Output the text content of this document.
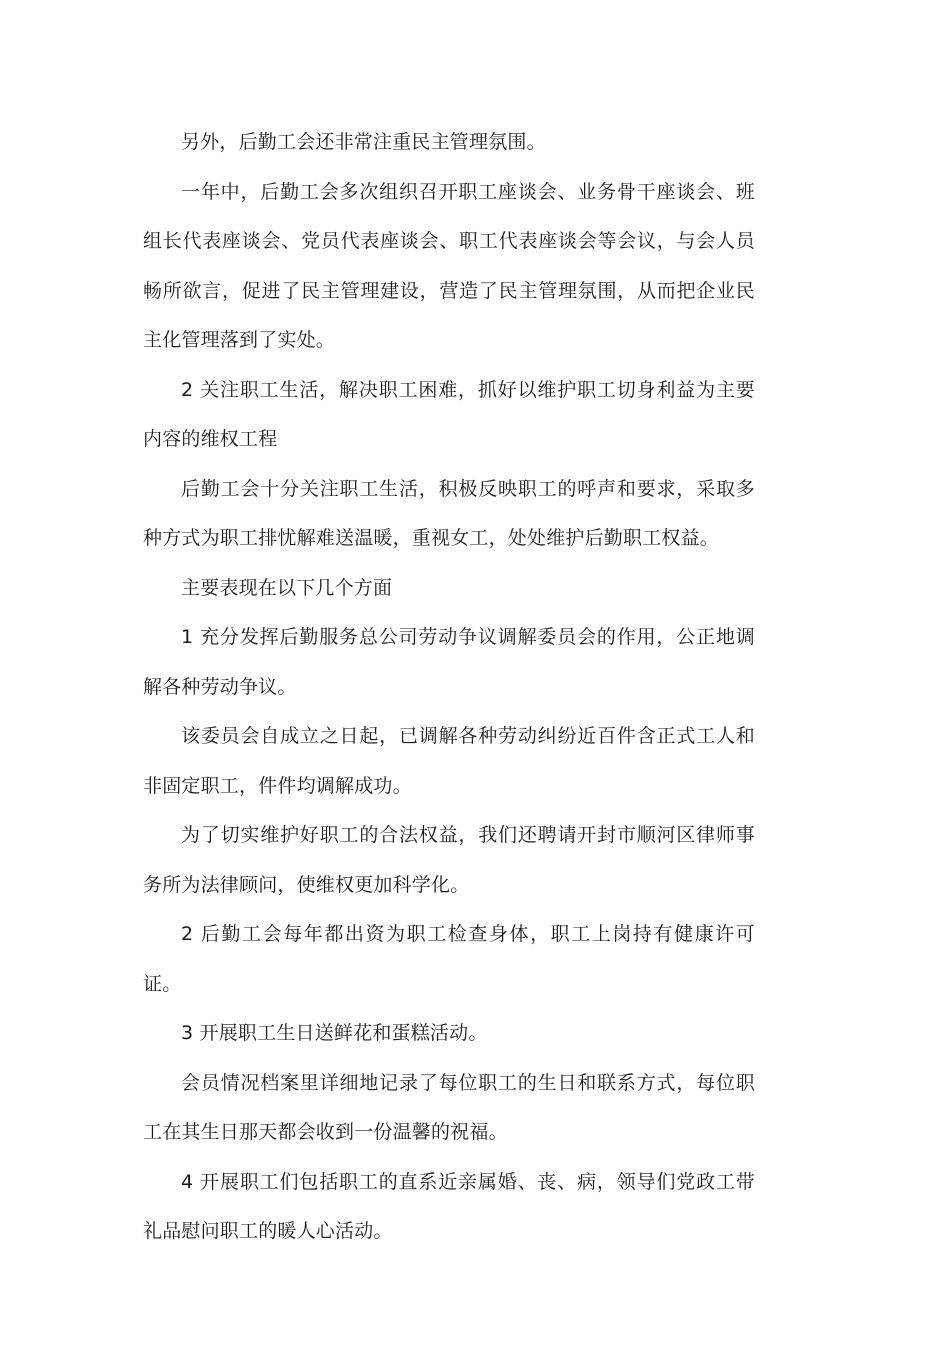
另外，后勤工会还非常注重民主管理氛围。

一年中，后勤工会多次组织召开职工座谈会、业务骨干座谈会、班组长代表座谈会、党员代表座谈会、职工代表座谈会等会议，与会人员畅所欲言，促进了民主管理建设，营造了民主管理氛围，从而把企业民主化管理落到了实处。

2 关注职工生活，解决职工困难，抓好以维护职工切身利益为主要内容的维权工程

后勤工会十分关注职工生活，积极反映职工的呼声和要求，采取多种方式为职工排忧解难送温暖，重视女工，处处维护后勤职工权益。

主要表现在以下几个方面

1 充分发挥后勤服务总公司劳动争议调解委员会的作用，公正地调解各种劳动争议。

该委员会自成立之日起，已调解各种劳动纠纷近百件含正式工人和非固定职工，件件均调解成功。

为了切实维护好职工的合法权益，我们还聘请开封市顺河区律师事务所为法律顾问，使维权更加科学化。

2 后勤工会每年都出资为职工检查身体，职工上岗持有健康许可证。

3 开展职工生日送鲜花和蛋糕活动。

会员情况档案里详细地记录了每位职工的生日和联系方式，每位职工在其生日那天都会收到一份温馨的祝福。

4 开展职工们包括职工的直系近亲属婚、丧、病，领导们党政工带礼品慰问职工的暖人心活动。
